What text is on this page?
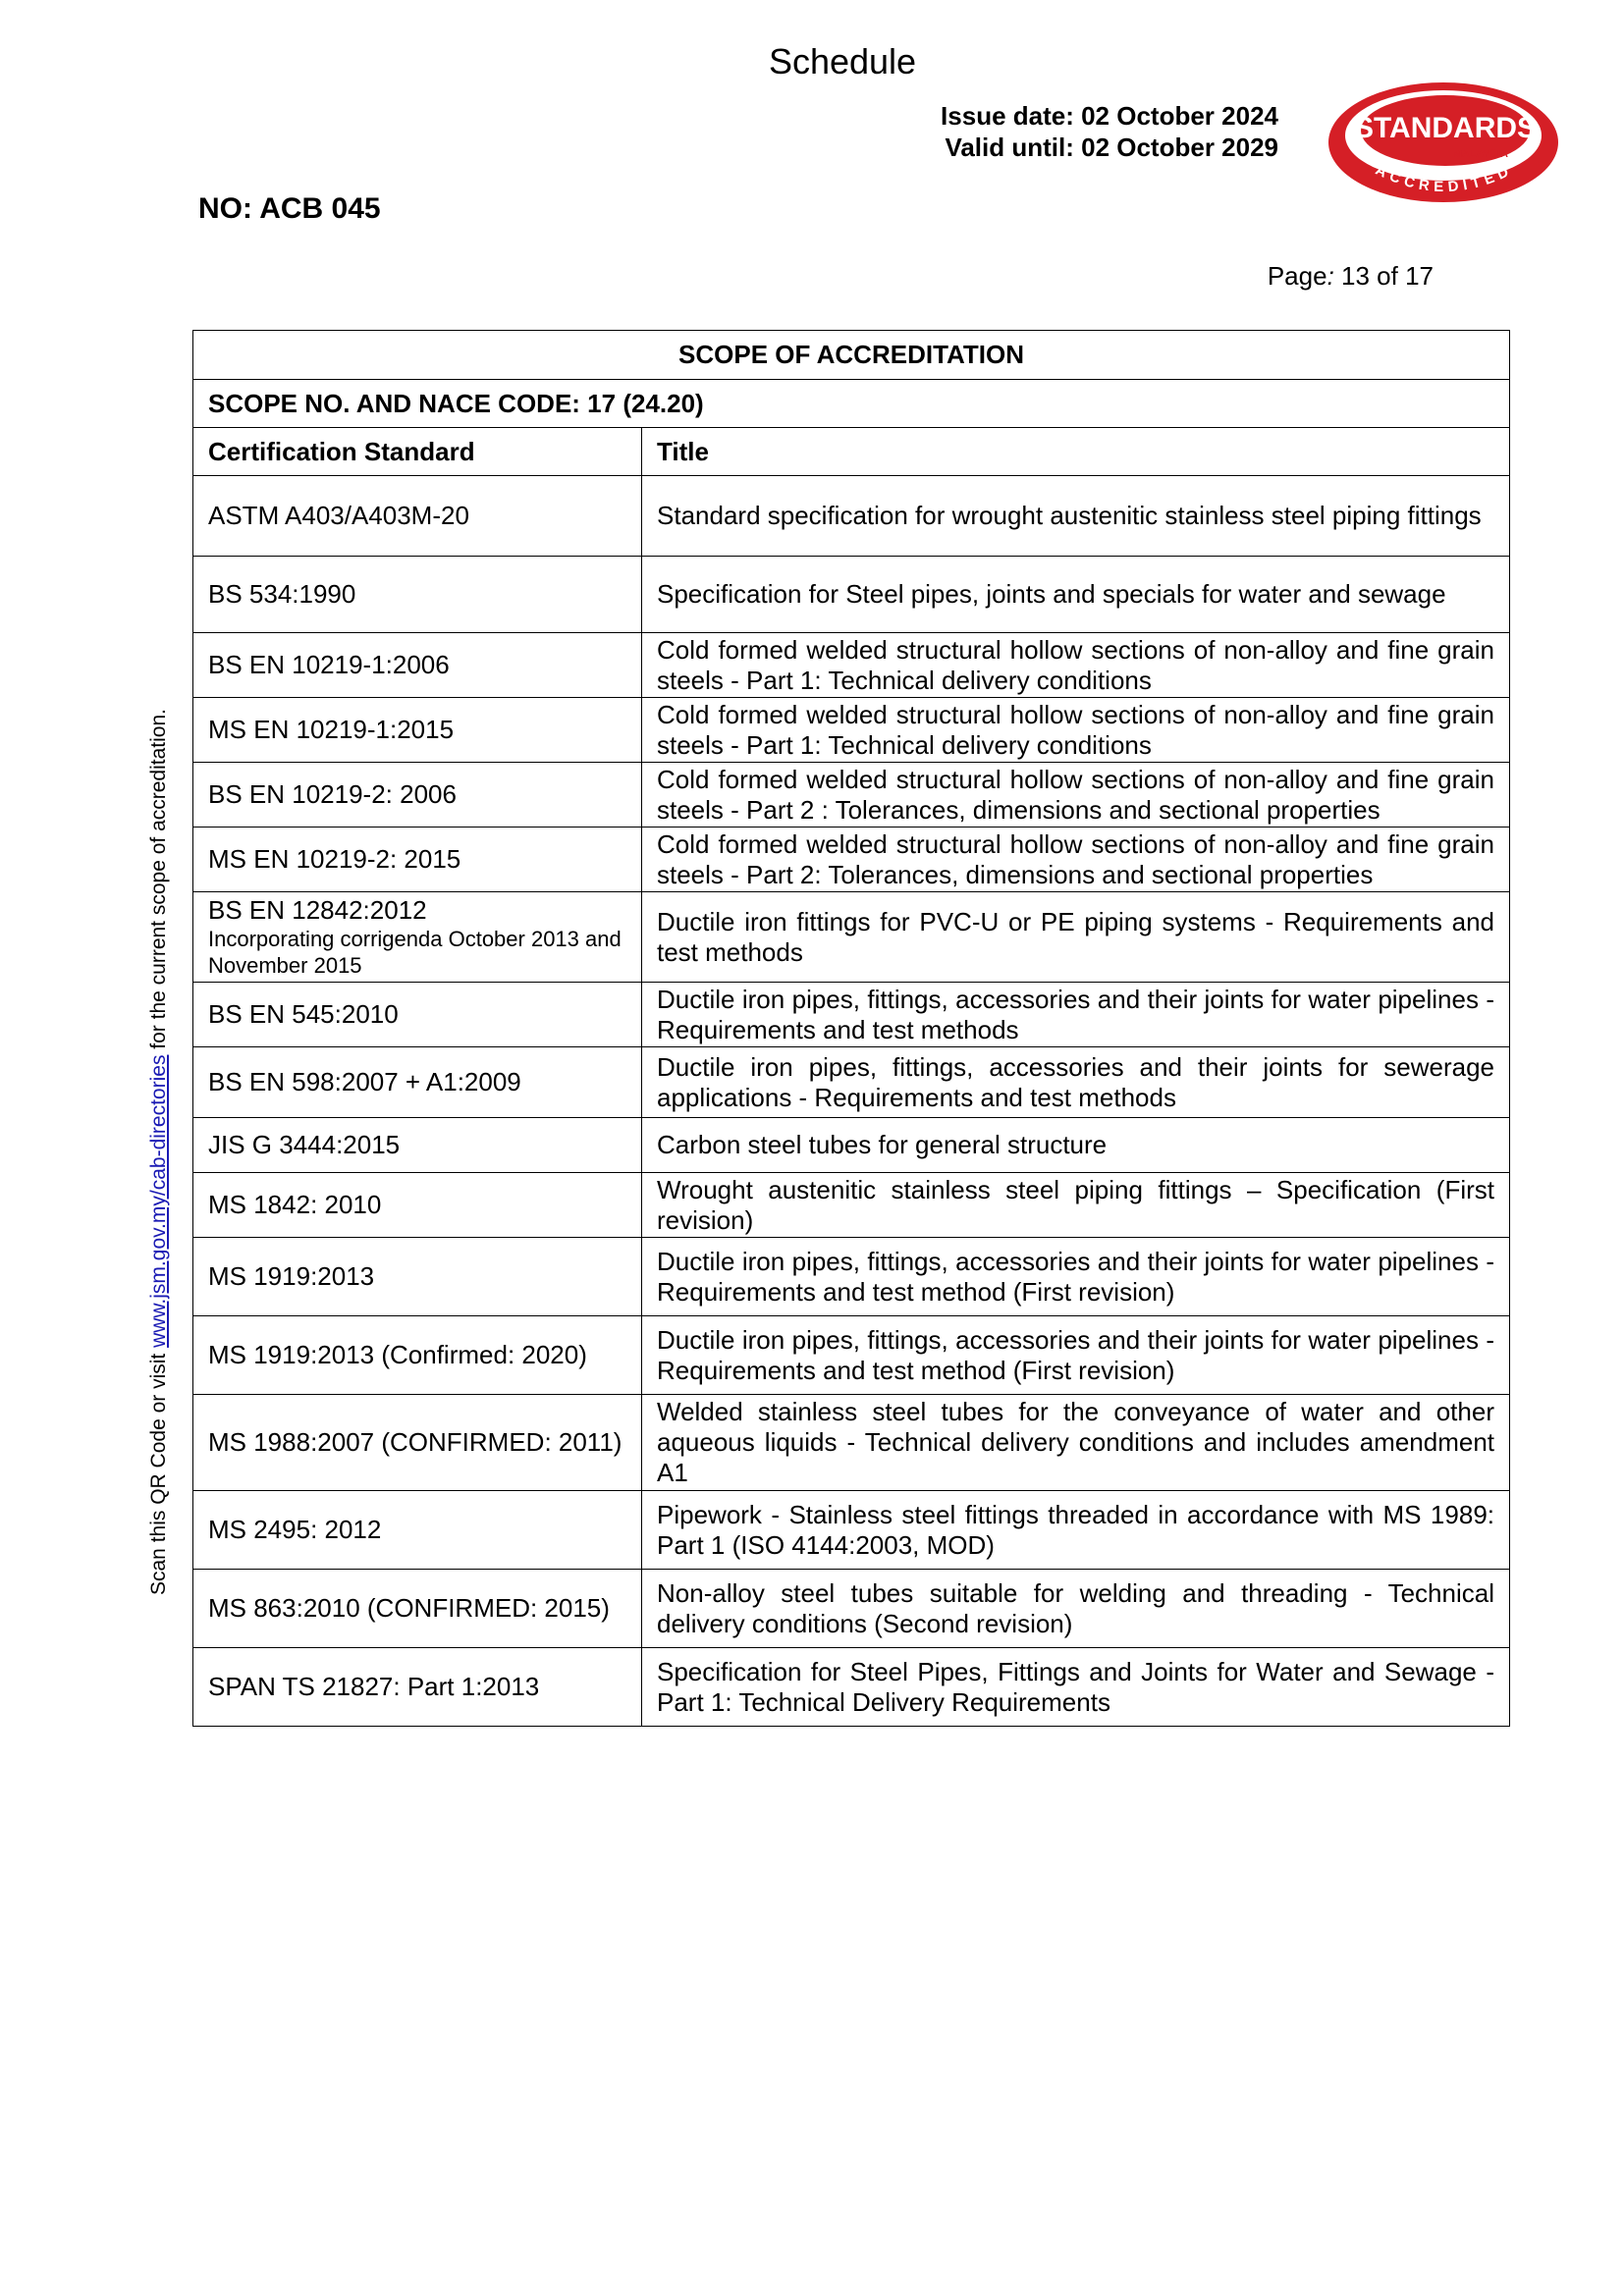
Schedule
Issue date: 02 October 2024
Valid until: 02 October 2029
STANDARDS
MALAYSIA
ACCREDITED
NO: ACB 045
Page: 13 of 17
Scan this QR Code or visit www.jsm.gov.my/cab-directories for the current scope of accreditation.
SCOPE OF ACCREDITATION	
SCOPE NO. AND NACE CODE: 17 (24.20)	
Certification Standard	Title
ASTM A403/A403M-20	Standard specification for wrought austenitic stainless steel piping fittings
BS 534:1990	Specification for Steel pipes, joints and specials for water and sewage
BS EN 10219-1:2006	Cold formed welded structural hollow sections of non-alloy and fine grain steels - Part 1: Technical delivery conditions
MS EN 10219-1:2015	Cold formed welded structural hollow sections of non-alloy and fine grain steels - Part 1: Technical delivery conditions
BS EN 10219-2: 2006	Cold formed welded structural hollow sections of non-alloy and fine grain steels - Part 2 : Tolerances, dimensions and sectional properties
MS EN 10219-2: 2015	Cold formed welded structural hollow sections of non-alloy and fine grain steels - Part 2: Tolerances, dimensions and sectional properties
BS EN 12842:2012
Incorporating corrigenda October 2013 and November 2015	Ductile iron fittings for PVC-U or PE piping systems - Requirements and test methods
BS EN 545:2010	Ductile iron pipes, fittings, accessories and their joints for water pipelines - Requirements and test methods
BS EN 598:2007 + A1:2009	Ductile iron pipes, fittings, accessories and their joints for sewerage applications - Requirements and test methods
JIS G 3444:2015	Carbon steel tubes for general structure
MS 1842: 2010	Wrought austenitic stainless steel piping fittings – Specification (First revision)
MS 1919:2013	Ductile iron pipes, fittings, accessories and their joints for water pipelines - Requirements and test method (First revision)
MS 1919:2013 (Confirmed: 2020)	Ductile iron pipes, fittings, accessories and their joints for water pipelines - Requirements and test method (First revision)
MS 1988:2007 (CONFIRMED: 2011)	Welded stainless steel tubes for the conveyance of water and other aqueous liquids - Technical delivery conditions and includes amendment A1
MS 2495: 2012	Pipework - Stainless steel fittings threaded in accordance with MS 1989: Part 1 (ISO 4144:2003, MOD)
MS 863:2010 (CONFIRMED: 2015)	Non-alloy steel tubes suitable for welding and threading - Technical delivery conditions (Second revision)
SPAN TS 21827: Part 1:2013	Specification for Steel Pipes, Fittings and Joints for Water and Sewage - Part 1: Technical Delivery Requirements
